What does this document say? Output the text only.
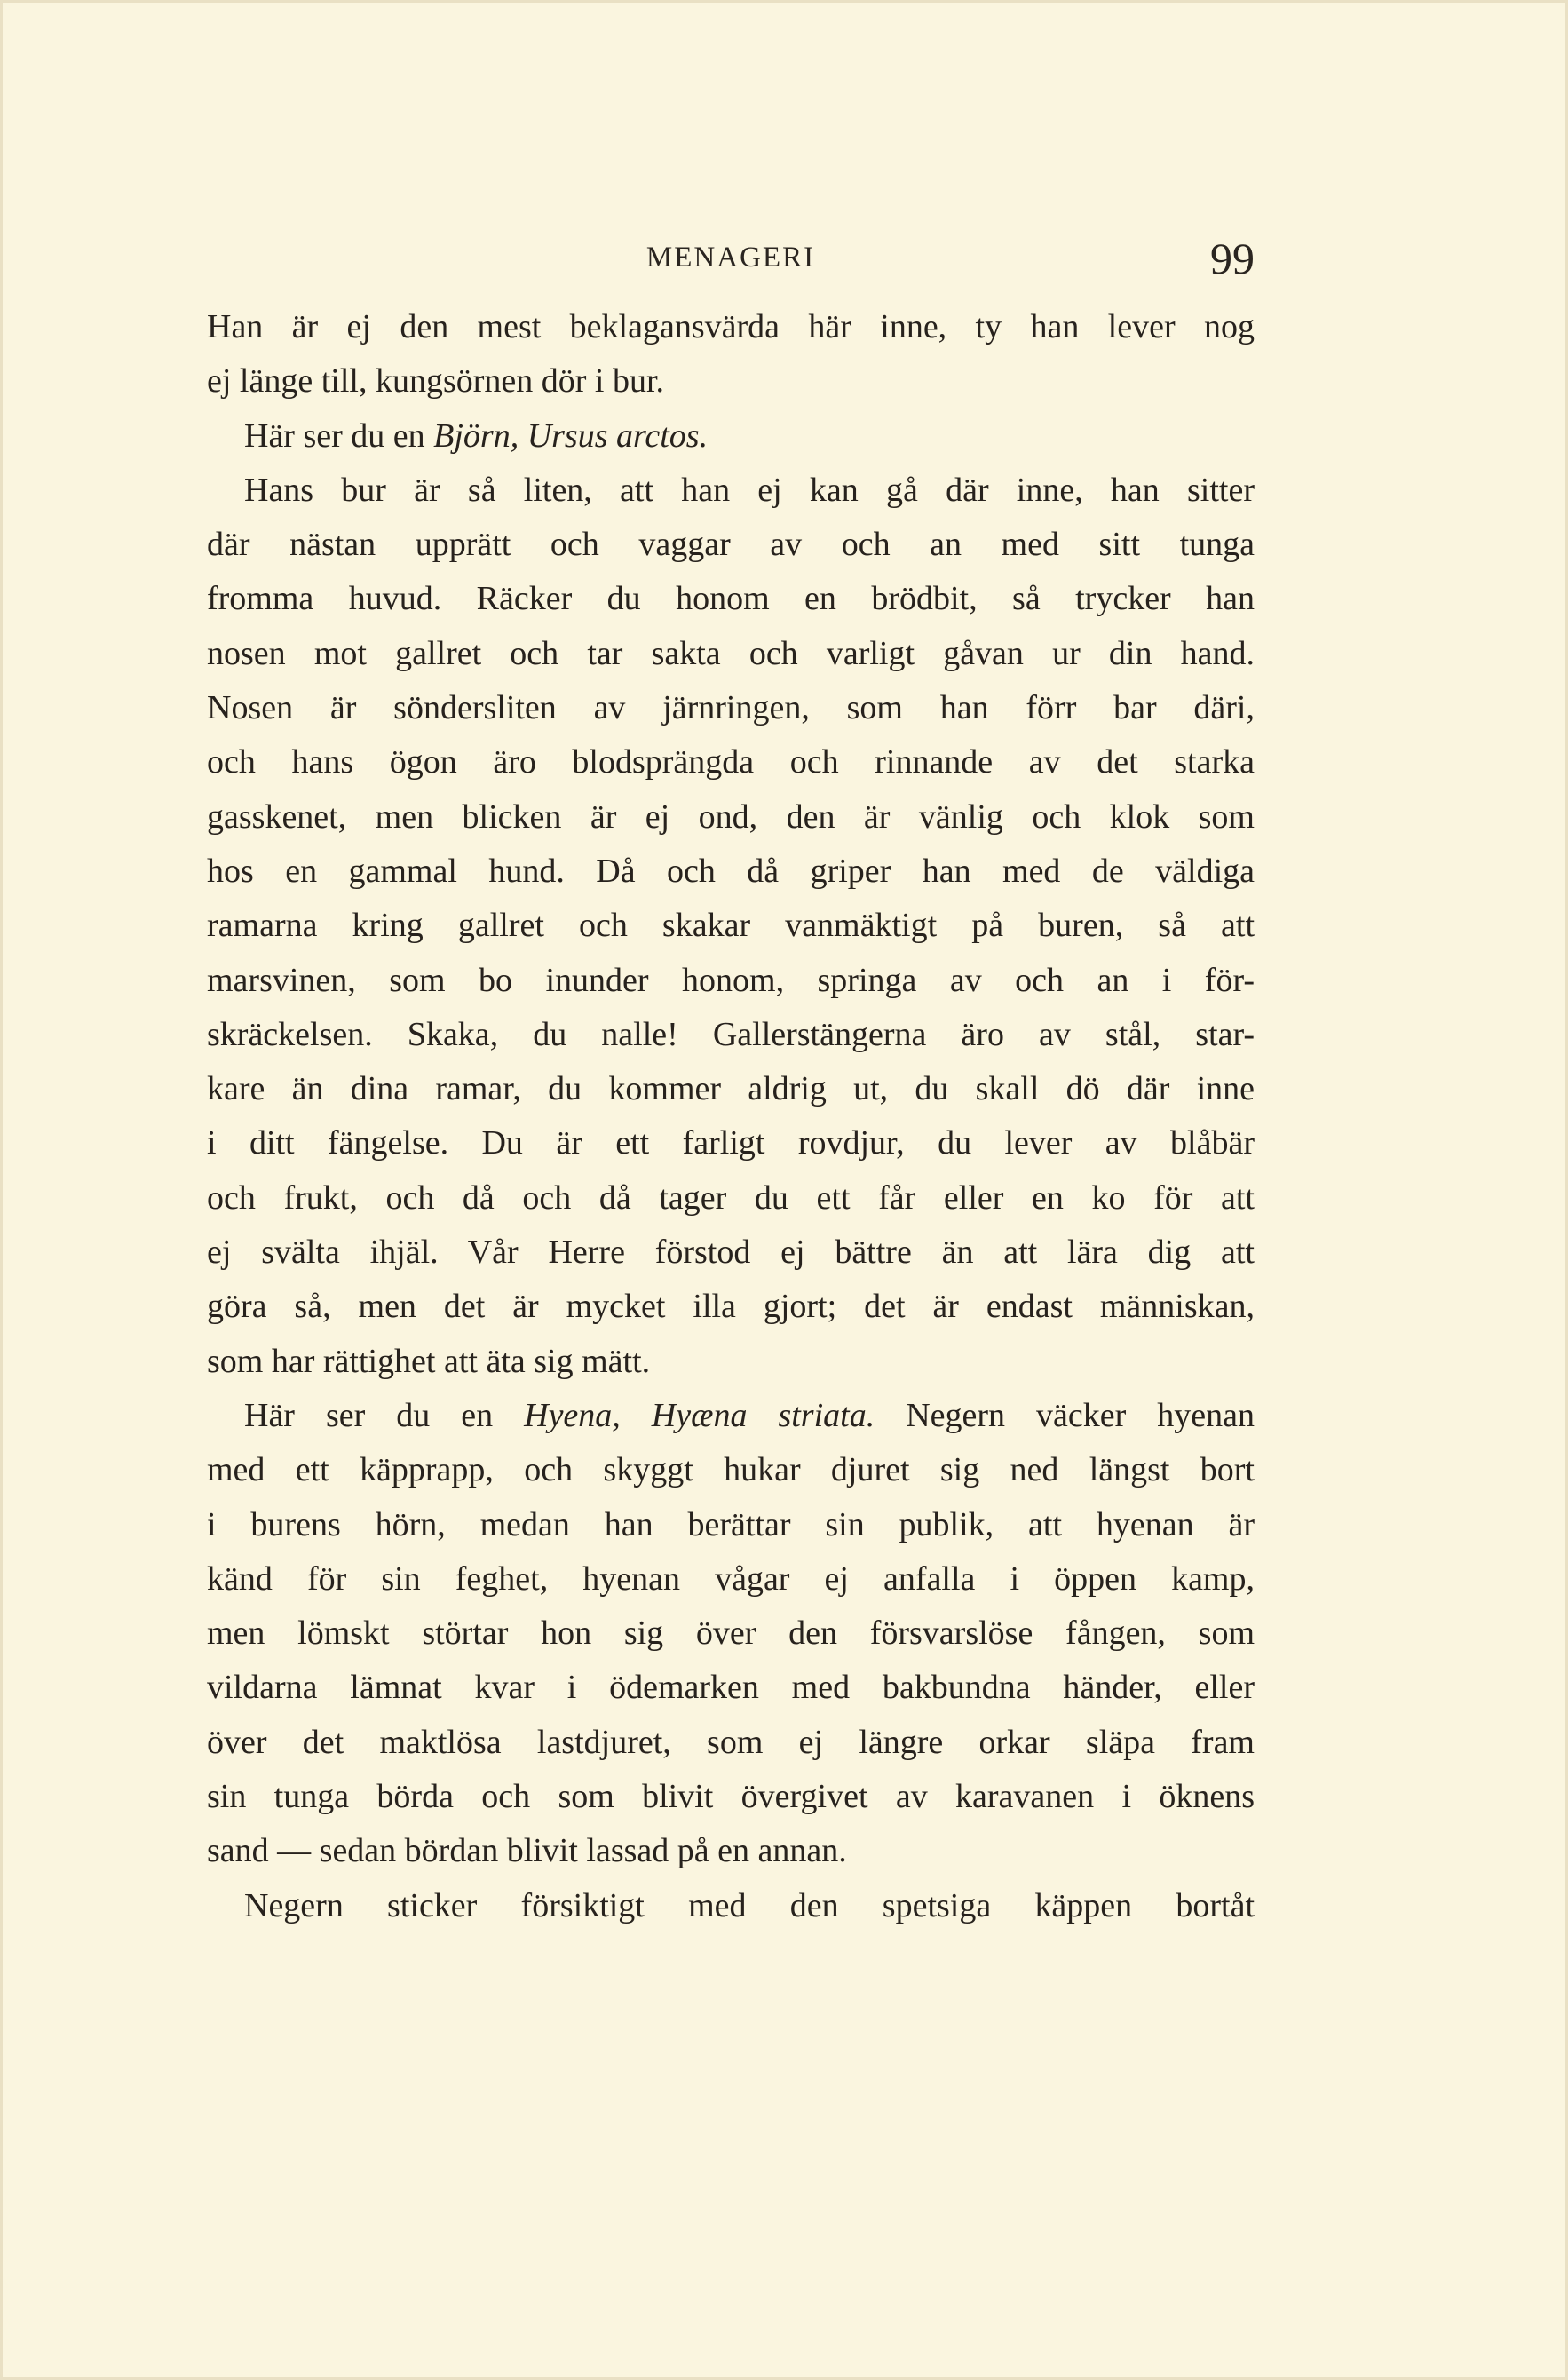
MENAGERI	99
Han är ej den mest beklagansvärda här inne, ty han lever nog
ej länge till, kungsörnen dör i bur.
Här ser du en Björn, Ursus arctos.
Hans bur är så liten, att han ej kan gå där inne, han sitter
där nästan upprätt och vaggar av och an med sitt tunga
fromma huvud. Räcker du honom en brödbit, så trycker han
nosen mot gallret och tar sakta och varligt gåvan ur din hand.
Nosen är söndersliten av järnringen, som han förr bar däri,
och hans ögon äro blodsprängda och rinnande av det starka
gasskenet, men blicken är ej ond, den är vänlig och klok som
hos en gammal hund. Då och då griper han med de väldiga
ramarna kring gallret och skakar vanmäktigt på buren, så att
marsvinen, som bo inunder honom, springa av och an i för-
skräckelsen. Skaka, du nalle! Gallerstängerna äro av stål, star-
kare än dina ramar, du kommer aldrig ut, du skall dö där inne
i ditt fängelse. Du är ett farligt rovdjur, du lever av blåbär
och frukt, och då och då tager du ett får eller en ko för att
ej svälta ihjäl. Vår Herre förstod ej bättre än att lära dig att
göra så, men det är mycket illa gjort; det är endast människan,
som har rättighet att äta sig mätt.
Här ser du en Hyena, Hyæna striata. Negern väcker hyenan
med ett käpprapp, och skyggt hukar djuret sig ned längst bort
i burens hörn, medan han berättar sin publik, att hyenan är
känd för sin feghet, hyenan vågar ej anfalla i öppen kamp,
men lömskt störtar hon sig över den försvarslöse fången, som
vildarna lämnat kvar i ödemarken med bakbundna händer, eller
över det maktlösa lastdjuret, som ej längre orkar släpa fram
sin tunga börda och som blivit övergivet av karavanen i öknens
sand — sedan bördan blivit lassad på en annan.
Negern sticker försiktigt med den spetsiga käppen bortåt
